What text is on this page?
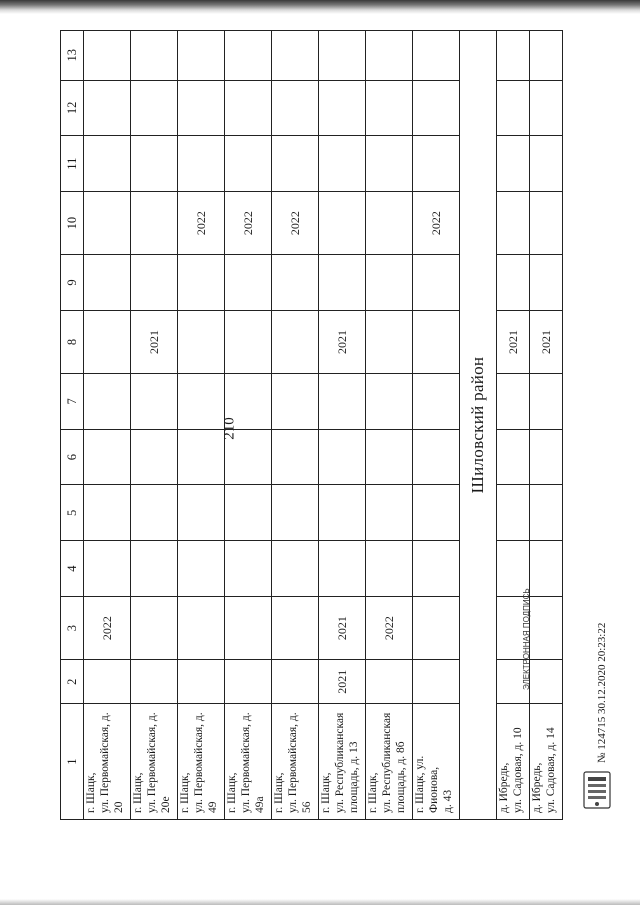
210
1	2	3	4	5	6	7	8	9	10	11	12	13
г. Шацк,
ул. Первомайская, д. 20		2022										
г. Шацк,
ул. Первомайская, д. 20е							2021					
г. Шацк,
ул. Первомайская, д. 49									2022			
г. Шацк,
ул. Первомайская, д. 49а									2022			
г. Шацк,
ул. Первомайская, д. 56									2022			
г. Шацк,
ул. Республиканская
площадь, д. 13	2021	2021					2021					
г. Шацк,
ул. Республиканская
площадь, д. 8б		2022										
г. Шацк, ул. Фионова,
д. 43									2022			
Шиловский район												
д. Ибредь,
ул. Садовая, д. 10							2021					
д. Ибредь,
ул. Садовая, д. 14							2021					
ЭЛЕКТРОННАЯ ПОДПИСЬ	№ 124715 30.12.2020 20:23:22
